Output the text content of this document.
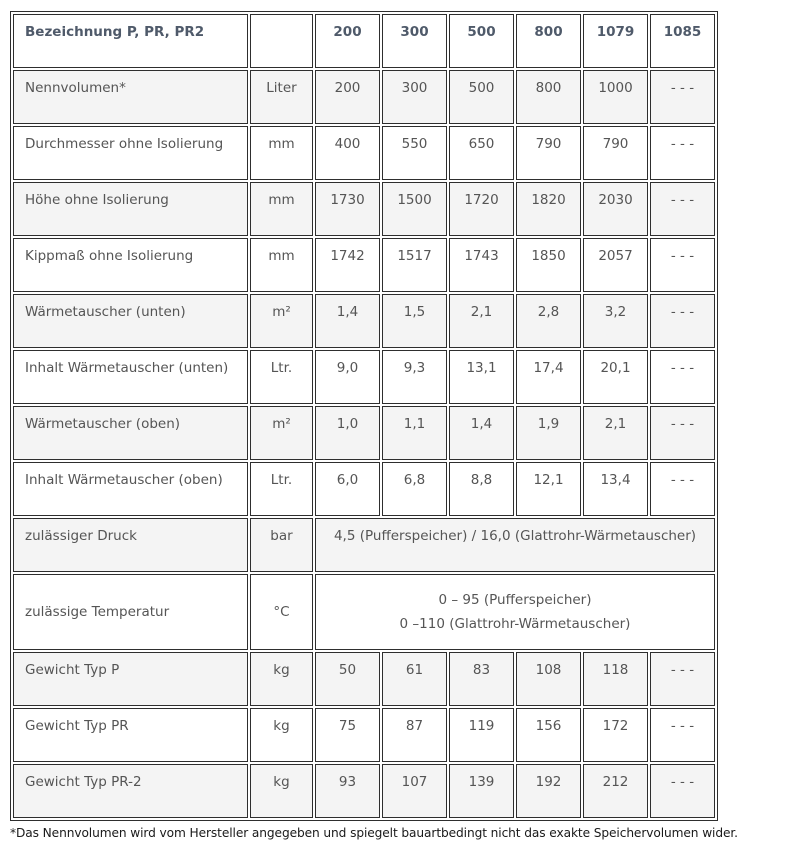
Bezeichnung P, PR, PR2		200	300	500	800	1079	1085
Nennvolumen*	Liter	200	300	500	800	1000	- - -
Durchmesser ohne Isolierung	mm	400	550	650	790	790	- - -
Höhe ohne Isolierung	mm	1730	1500	1720	1820	2030	- - -
Kippmaß ohne Isolierung	mm	1742	1517	1743	1850	2057	- - -
Wärmetauscher (unten)	m²	1,4	1,5	2,1	2,8	3,2	- - -
Inhalt Wärmetauscher (unten)	Ltr.	9,0	9,3	13,1	17,4	20,1	- - -
Wärmetauscher (oben)	m²	1,0	1,1	1,4	1,9	2,1	- - -
Inhalt Wärmetauscher (oben)	Ltr.	6,0	6,8	8,8	12,1	13,4	- - -
zulässiger Druck	bar	4,5 (Pufferspeicher) / 16,0 (Glattrohr-Wärmetauscher)					
zulässige Temperatur	°C	0 – 95 (Pufferspeicher)
0 –110 (Glattrohr-Wärmetauscher)					

Gewicht Typ P	kg	50	61	83	108	118	- - -
Gewicht Typ PR	kg	75	87	119	156	172	- - -
Gewicht Typ PR-2	kg	93	107	139	192	212	- - -
*Das Nennvolumen wird vom Hersteller angegeben und spiegelt bauartbedingt nicht das exakte Speichervolumen wider.
